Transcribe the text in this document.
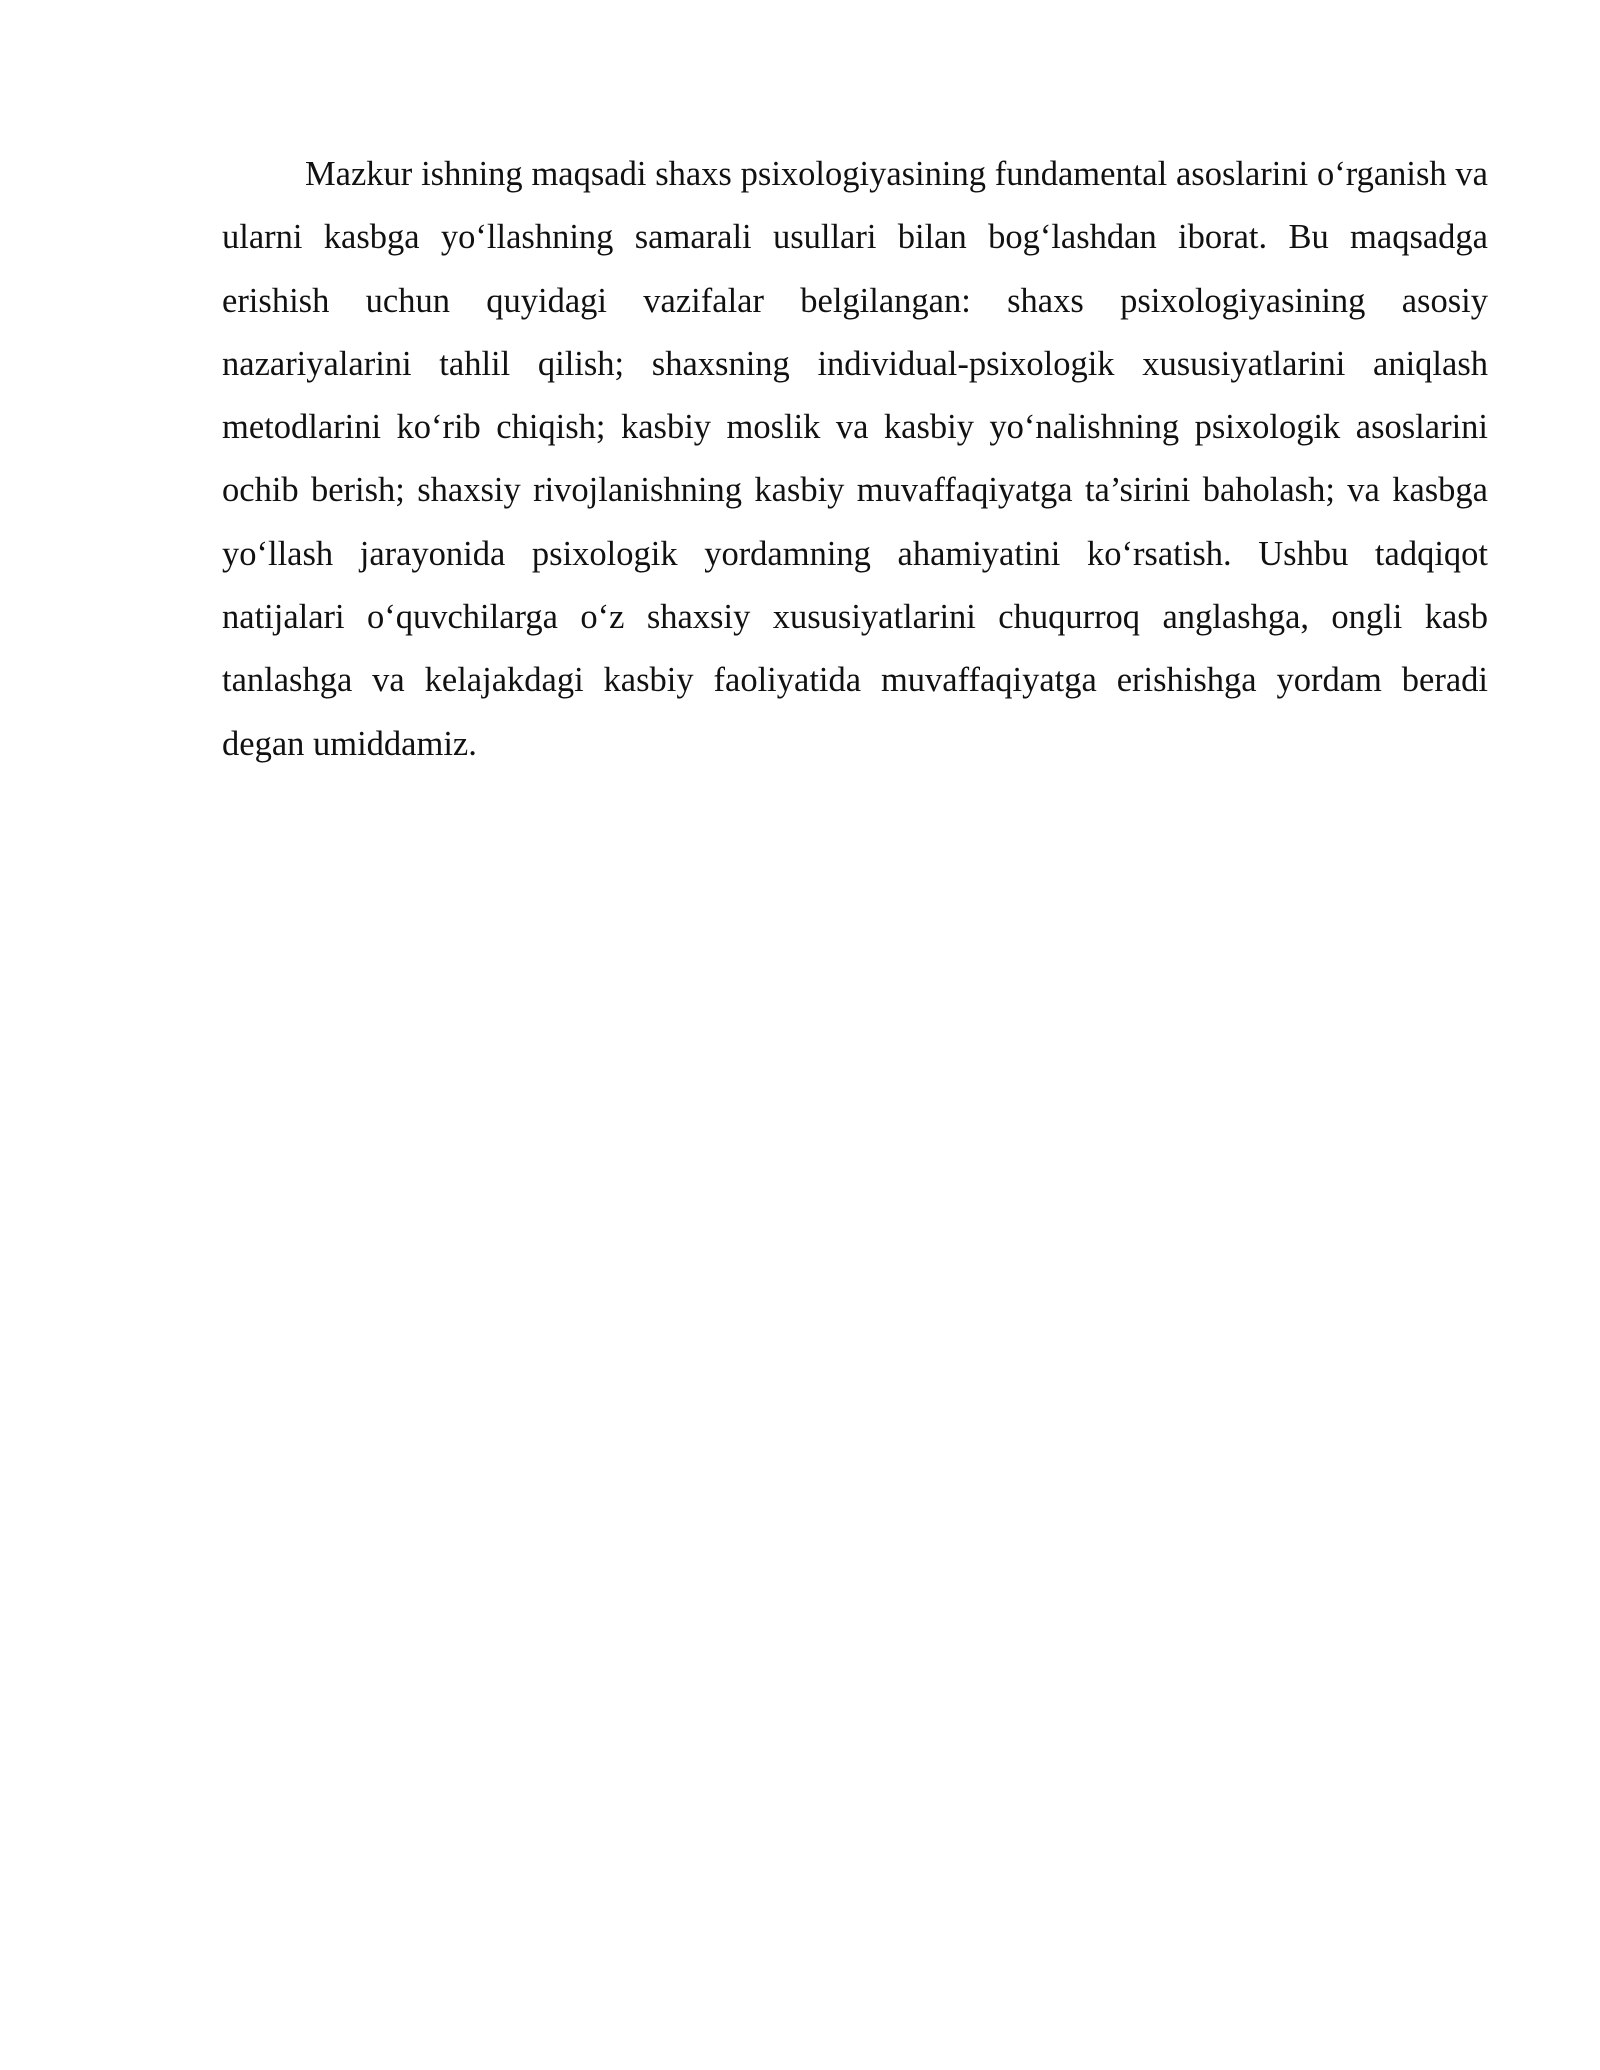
Mazkur ishning maqsadi shaxs psixologiyasining fundamental asoslarini o‘rganish va ularni kasbga yo‘llashning samarali usullari bilan bog‘lashdan iborat. Bu maqsadga erishish uchun quyidagi vazifalar belgilangan: shaxs psixologiyasining asosiy nazariyalarini tahlil qilish; shaxsning individual-psixologik xususiyatlarini aniqlash metodlarini ko‘rib chiqish; kasbiy moslik va kasbiy yo‘nalishning psixologik asoslarini ochib berish; shaxsiy rivojlanishning kasbiy muvaffaqiyatga ta’sirini baholash; va kasbga yo‘llash jarayonida psixologik yordamning ahamiyatini ko‘rsatish. Ushbu tadqiqot natijalari o‘quvchilarga o‘z shaxsiy xususiyatlarini chuqurroq anglashga, ongli kasb tanlashga va kelajakdagi kasbiy faoliyatida muvaffaqiyatga erishishga yordam beradi degan umiddamiz.
